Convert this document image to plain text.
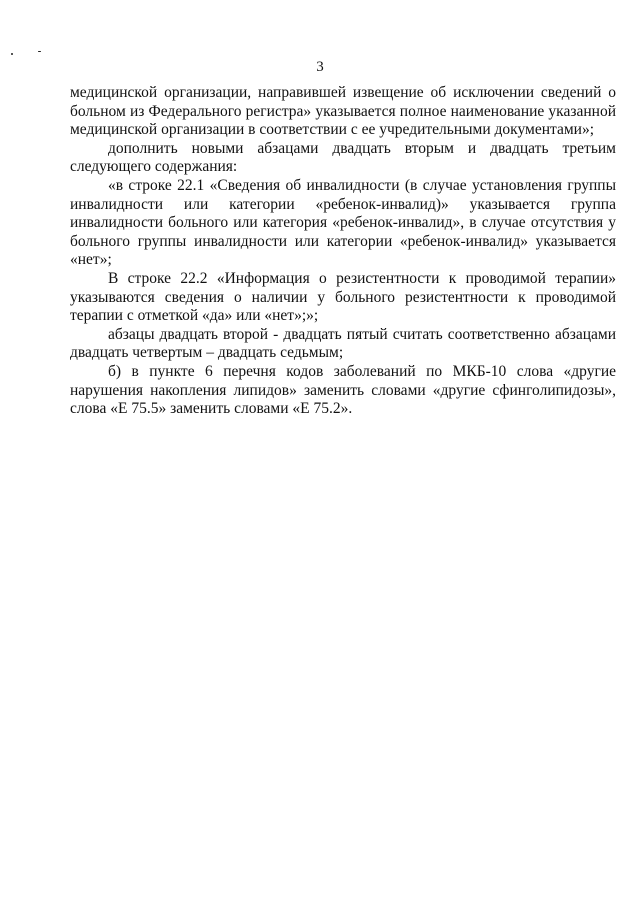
3

медицинской организации, направившей извещение об исключении сведений о больном из Федерального регистра» указывается полное наименование указанной медицинской организации в соответствии с ее учредительными документами»;

дополнить новыми абзацами двадцать вторым и двадцать третьим следующего содержания:

«в строке 22.1 «Сведения об инвалидности (в случае установления группы инвалидности или категории «ребенок-инвалид)» указывается группа инвалидности больного или категория «ребенок-инвалид», в случае отсутствия у больного группы инвалидности или категории «ребенок-инвалид» указывается «нет»;

В строке 22.2 «Информация о резистентности к проводимой терапии» указываются сведения о наличии у больного резистентности к проводимой терапии с отметкой «да» или «нет»;»;

абзацы двадцать второй - двадцать пятый считать соответственно абзацами двадцать четвертым – двадцать седьмым;

б) в пункте 6 перечня кодов заболеваний по МКБ-10 слова «другие нарушения накопления липидов» заменить словами «другие сфинголипидозы», слова «Е 75.5» заменить словами «Е 75.2».
